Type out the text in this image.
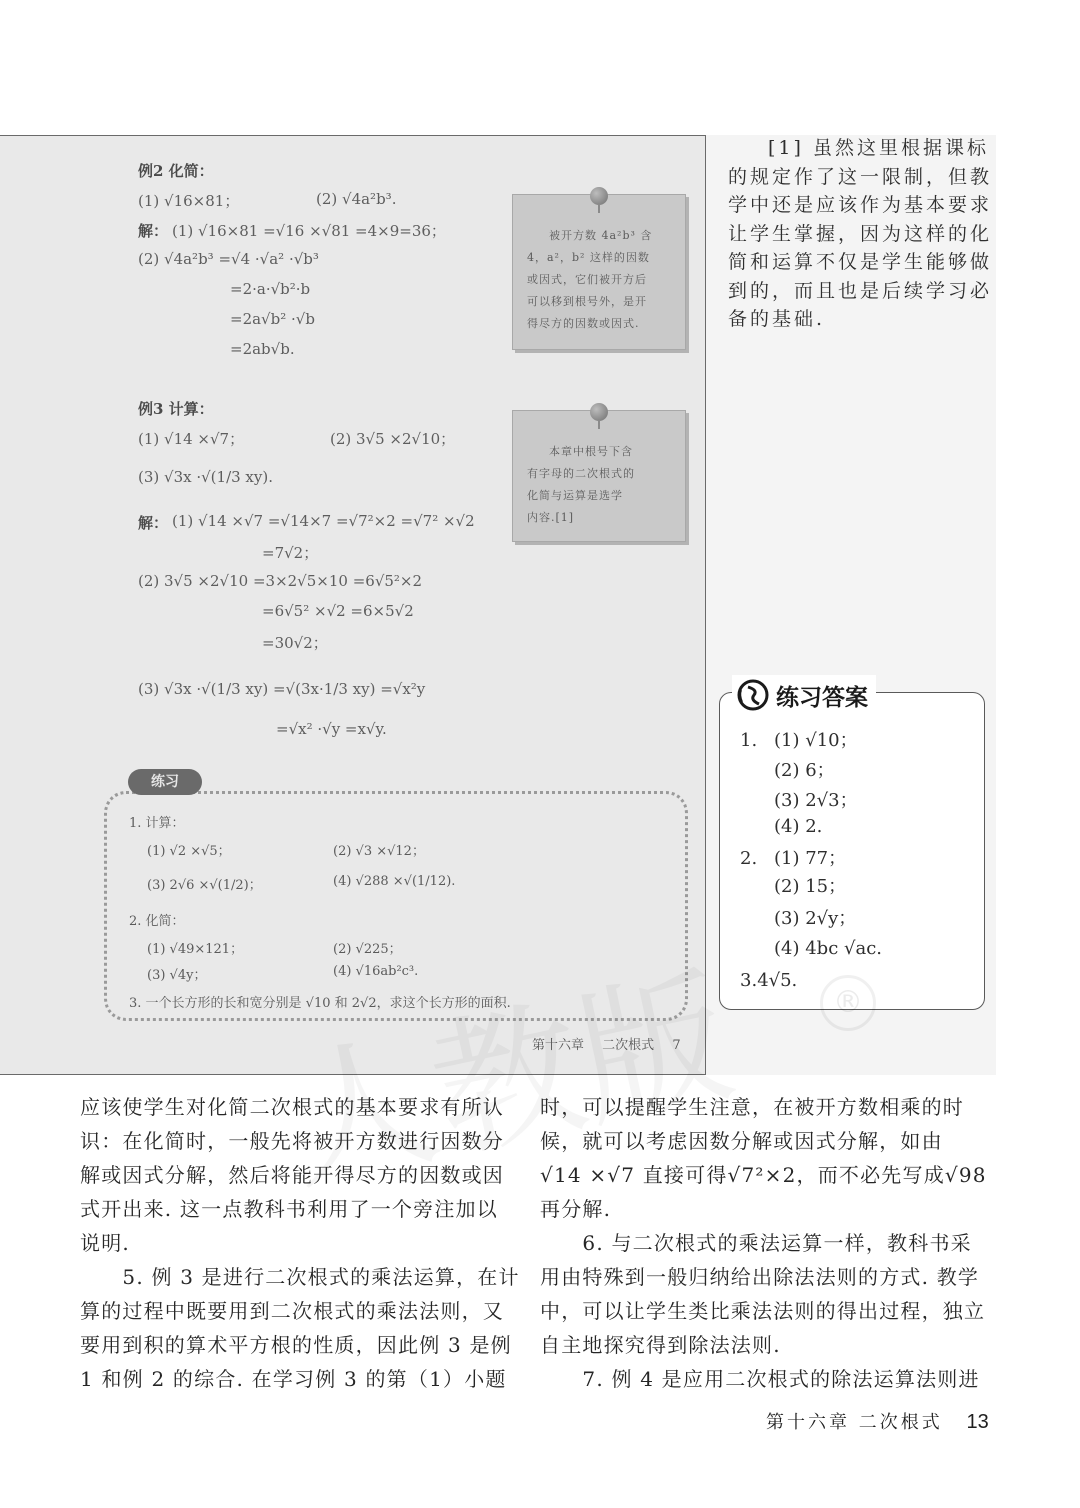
例2 化简：
(1) √16×81；	(2) √4a²b³.
解： (1) √16×81 =√16 ×√81 =4×9=36；
(2) √4a²b³ =√4 ·√a² ·√b³
=2·a·√b²·b
=2a√b² ·√b
=2ab√b.
被开方数 4a²b³ 含
4，a²，b² 这样的因数
或因式，它们被开方后
可以移到根号外，是开
得尽方的因数或因式.
例3 计算：
(1) √14 ×√7；	(2) 3√5 ×2√10；
(3) √3x ·√(1/3 xy).
解： (1) √14 ×√7 =√14×7 =√7²×2 =√7² ×√2
=7√2；
(2) 3√5 ×2√10 =3×2√5×10 =6√5²×2
=6√5² ×√2 =6×5√2
=30√2；
(3) √3x ·√(1/3 xy) =√(3x·1/3 xy) =√x²y
=√x² ·√y =x√y.
本章中根号下含
有字母的二次根式的
化简与运算是选学
内容.[1]
1. 计算：
(1) √2 ×√5；	(2) √3 ×√12；
(3) 2√6 ×√(1/2)；	(4) √288 ×√(1/12).
2. 化简：
(1) √49×121；	(2) √225；
(3) √4y；	(4) √16ab²c³.
3. 一个长方形的长和宽分别是 √10 和 2√2，求这个长方形的面积.
练习
第十六章 二次根式 7
[1] 虽然这里根据课标
的规定作了这一限制，但教
学中还是应该作为基本要求
让学生掌握，因为这样的化
简和运算不仅是学生能够做
到的，而且也是后续学习必
备的基础.
练习答案
1. (1) √10；
(2) 6；
(3) 2√3；
(4) 2.
2. (1) 77；
(2) 15；
(3) 2√y；
(4) 4bc √ac.
3.4√5.
®
应该使学生对化简二次根式的基本要求有所认
识：在化简时，一般先将被开方数进行因数分
解或因式分解，然后将能开得尽方的因数或因
式开出来. 这一点教科书利用了一个旁注加以
说明.
　　5. 例 3 是进行二次根式的乘法运算，在计
算的过程中既要用到二次根式的乘法法则，又
要用到积的算术平方根的性质，因此例 3 是例
1 和例 2 的综合. 在学习例 3 的第（1）小题
时，可以提醒学生注意，在被开方数相乘的时
候，就可以考虑因数分解或因式分解，如由
√14 ×√7 直接可得√7²×2，而不必先写成√98
再分解.
　　6. 与二次根式的乘法运算一样，教科书采
用由特殊到一般归纳给出除法法则的方式. 教学
中，可以让学生类比乘法法则的得出过程，独立
自主地探究得到除法法则.
　　7. 例 4 是应用二次根式的除法运算法则进
第十六章 二次根式 13
